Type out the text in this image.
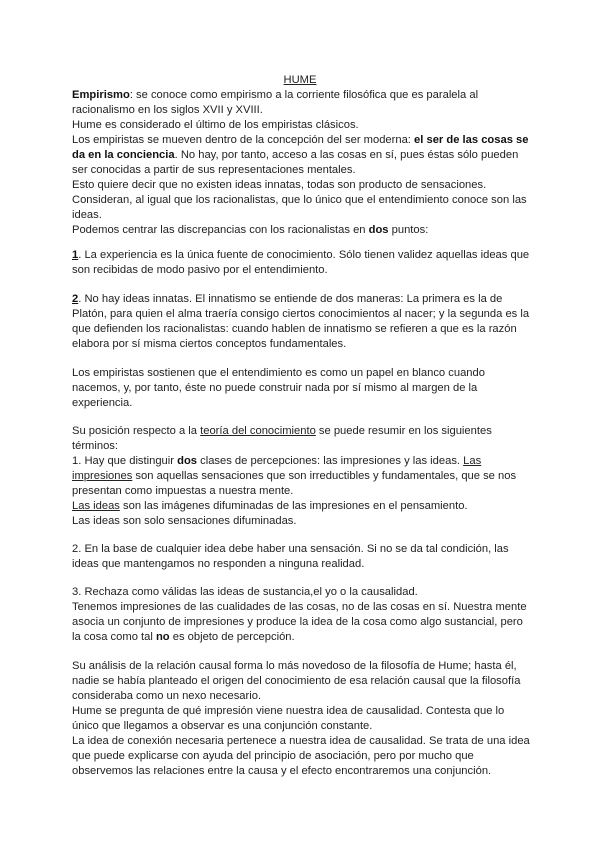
HUME

Empirismo: se conoce como empirismo a la corriente filosófica que es paralela al racionalismo en los siglos XVII y XVIII.

Hume es considerado el último de los empiristas clásicos.

Los empiristas se mueven dentro de la concepción del ser moderna: el ser de las cosas se da en la conciencia. No hay, por tanto, acceso a las cosas en sí, pues éstas sólo pueden ser conocidas a partir de sus representaciones mentales.

Esto quiere decir que no existen ideas innatas, todas son producto de sensaciones.

Consideran, al igual que los racionalistas, que lo único que el entendimiento conoce son las ideas.

Podemos centrar las discrepancias con los racionalistas en dos puntos:

1. La experiencia es la única fuente de conocimiento. Sólo tienen validez aquellas ideas que son recibidas de modo pasivo por el entendimiento.

2. No hay ideas innatas. El innatismo se entiende de dos maneras: La primera es la de Platón, para quien el alma traería consigo ciertos conocimientos al nacer; y la segunda es la que defienden los racionalistas: cuando hablen de innatismo se refieren a que es la razón elabora por sí misma ciertos conceptos fundamentales.

Los empiristas sostienen que el entendimiento es como un papel en blanco cuando nacemos, y, por tanto, éste no puede construir nada por sí mismo al margen de la experiencia.

Su posición respecto a la teoría del conocimiento se puede resumir en los siguientes términos:

1. Hay que distinguir dos clases de percepciones: las impresiones y las ideas. Las impresiones son aquellas sensaciones que son irreductibles y fundamentales, que se nos presentan como impuestas a nuestra mente.

Las ideas son las imágenes difuminadas de las impresiones en el pensamiento.

Las ideas son solo sensaciones difuminadas.

2. En la base de cualquier idea debe haber una sensación. Si no se da tal condición, las ideas que mantengamos no responden a ninguna realidad.

3. Rechaza como válidas las ideas de sustancia,el yo o la causalidad.

Tenemos impresiones de las cualidades de las cosas, no de las cosas en sí. Nuestra mente asocia un conjunto de impresiones y produce la idea de la cosa como algo sustancial, pero la cosa como tal no es objeto de percepción.

Su análisis de la relación causal forma lo más novedoso de la filosofía de Hume; hasta él, nadie se había planteado el origen del conocimiento de esa relación causal que la filosofía consideraba como un nexo necesario.

Hume se pregunta de qué impresión viene nuestra idea de causalidad. Contesta que lo único que llegamos a observar es una conjunción constante.

La idea de conexión necesaria pertenece a nuestra idea de causalidad. Se trata de una idea que puede explicarse con ayuda del principio de asociación, pero por mucho que observemos las relaciones entre la causa y el efecto encontraremos una conjunción.
